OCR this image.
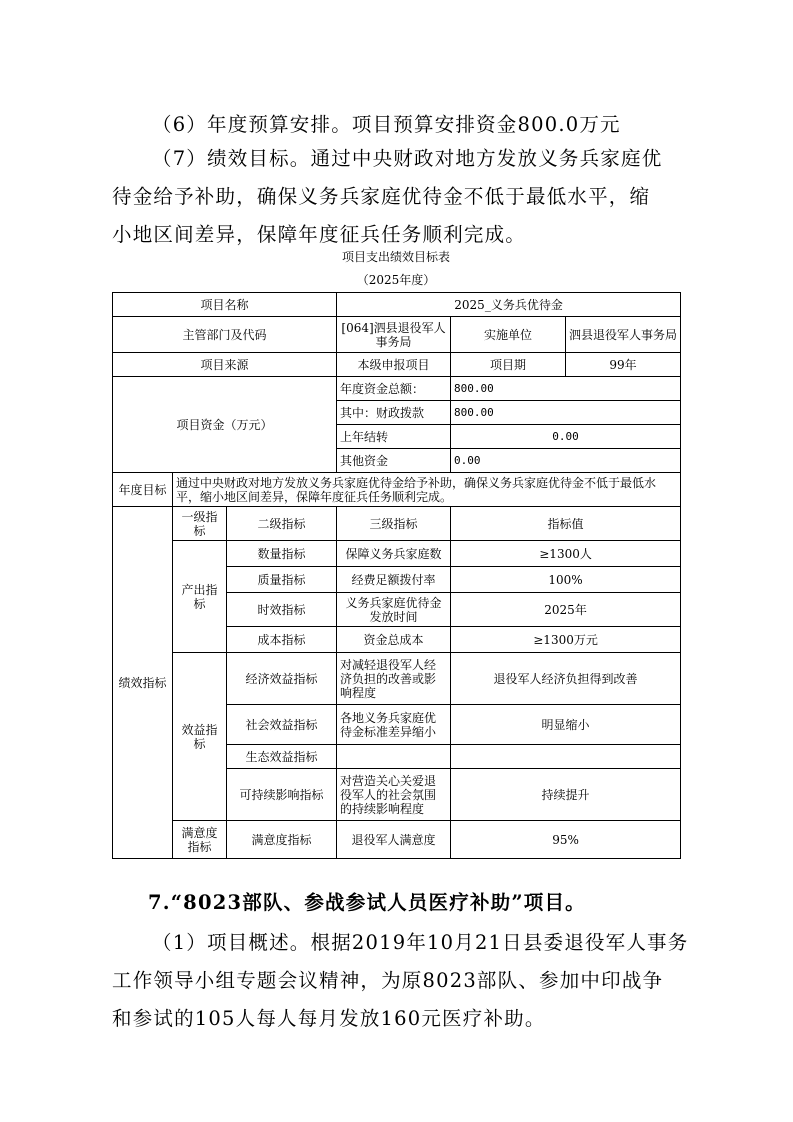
（6）年度预算安排。项目预算安排资金800.0万元

（7）绩效目标。通过中央财政对地方发放义务兵家庭优

待金给予补助，确保义务兵家庭优待金不低于最低水平，缩

小地区间差异，保障年度征兵任务顺利完成。

项目支出绩效目标表

（2025年度）

项目名称			2025_义务兵优待金		
主管部门及代码			[064]泗县退役军人事务局	实施单位	泗县退役军人事务局
项目来源			本级申报项目	项目期	99年
项目资金（万元）			年度资金总额：	800.00	
			其中：财政拨款	800.00	
			上年结转	0.00	
			其他资金	0.00	
年度目标	通过中央财政对地方发放义务兵家庭优待金给予补助，确保义务兵家庭优待金不低于最低水平，缩小地区间差异，保障年度征兵任务顺利完成。				
绩效指标	一级指标	二级指标	三级指标	指标值	
	产出指标	数量指标	保障义务兵家庭数	≥1300人	
		质量指标	经费足额拨付率	100%	
		时效指标	义务兵家庭优待金发放时间	2025年	
		成本指标	资金总成本	≥1300万元	
	效益指标	经济效益指标	对减轻退役军人经济负担的改善或影响程度	退役军人经济负担得到改善	
		社会效益指标	各地义务兵家庭优待金标准差异缩小	明显缩小	
		生态效益指标			
		可持续影响指标	对营造关心关爱退役军人的社会氛围的持续影响程度	持续提升	
	满意度指标	满意度指标	退役军人满意度	95%	

7.“8023部队、参战参试人员医疗补助”项目。

（1）项目概述。根据2019年10月21日县委退役军人事务

工作领导小组专题会议精神，为原8023部队、参加中印战争

和参试的105人每人每月发放160元医疗补助。
